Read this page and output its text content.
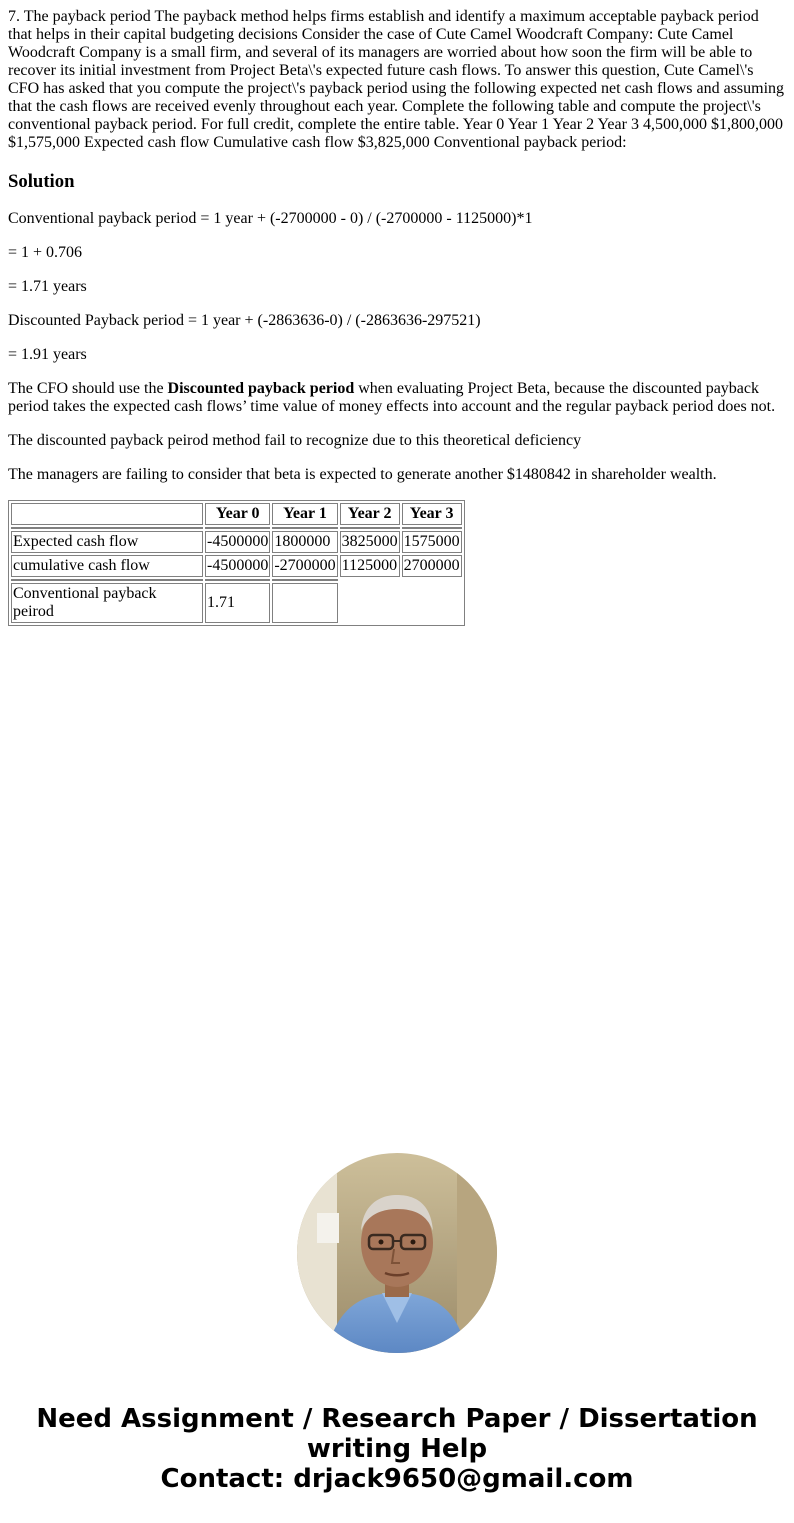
7. The payback period The payback method helps firms establish and identify a maximum acceptable payback period that helps in their capital budgeting decisions Consider the case of Cute Camel Woodcraft Company: Cute Camel Woodcraft Company is a small firm, and several of its managers are worried about how soon the firm will be able to recover its initial investment from Project Beta\'s expected future cash flows. To answer this question, Cute Camel\'s CFO has asked that you compute the project\'s payback period using the following expected net cash flows and assuming that the cash flows are received evenly throughout each year. Complete the following table and compute the project\'s conventional payback period. For full credit, complete the entire table. Year 0 Year 1 Year 2 Year 3 4,500,000 $1,800,000 $1,575,000 Expected cash flow Cumulative cash flow $3,825,000 Conventional payback period:

Solution

Conventional payback period = 1 year + (-2700000 - 0) / (-2700000 - 1125000)*1

= 1 + 0.706

= 1.71 years

Discounted Payback period = 1 year + (-2863636-0) / (-2863636-297521)

= 1.91 years

The CFO should use the Discounted payback period when evaluating Project Beta, because the discounted payback period takes the expected cash flows’ time value of money effects into account and the regular payback period does not.

The discounted payback peirod method fail to recognize due to this theoretical deficiency

The managers are failing to consider that beta is expected to generate another $1480842 in shareholder wealth.

	Year 0	Year 1	Year 2	Year 3

Expected cash flow	-4500000	1800000	3825000	1575000
cumulative cash flow	-4500000	-2700000	1125000	2700000

Conventional payback peirod	1.71			
Need Assignment / Research Paper / Dissertation
writing Help
Contact: drjack9650@gmail.com
